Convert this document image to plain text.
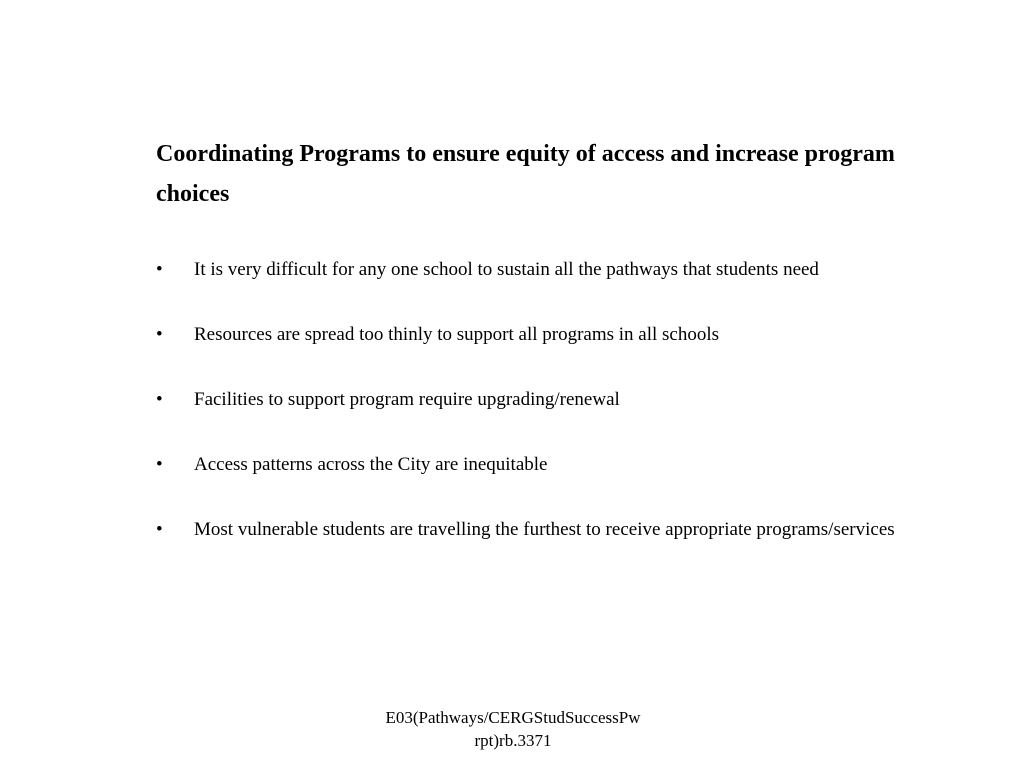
Coordinating Programs to ensure equity of access and increase program choices
• It is very difficult for any one school to sustain all the pathways that students need
• Resources are spread too thinly to support all programs in all schools
• Facilities to support program require upgrading/renewal
• Access patterns across the City are inequitable
• Most vulnerable students are travelling the furthest to receive appropriate programs/services
E03(Pathways/CERGStudSuccessPw
rpt)rb.3371
